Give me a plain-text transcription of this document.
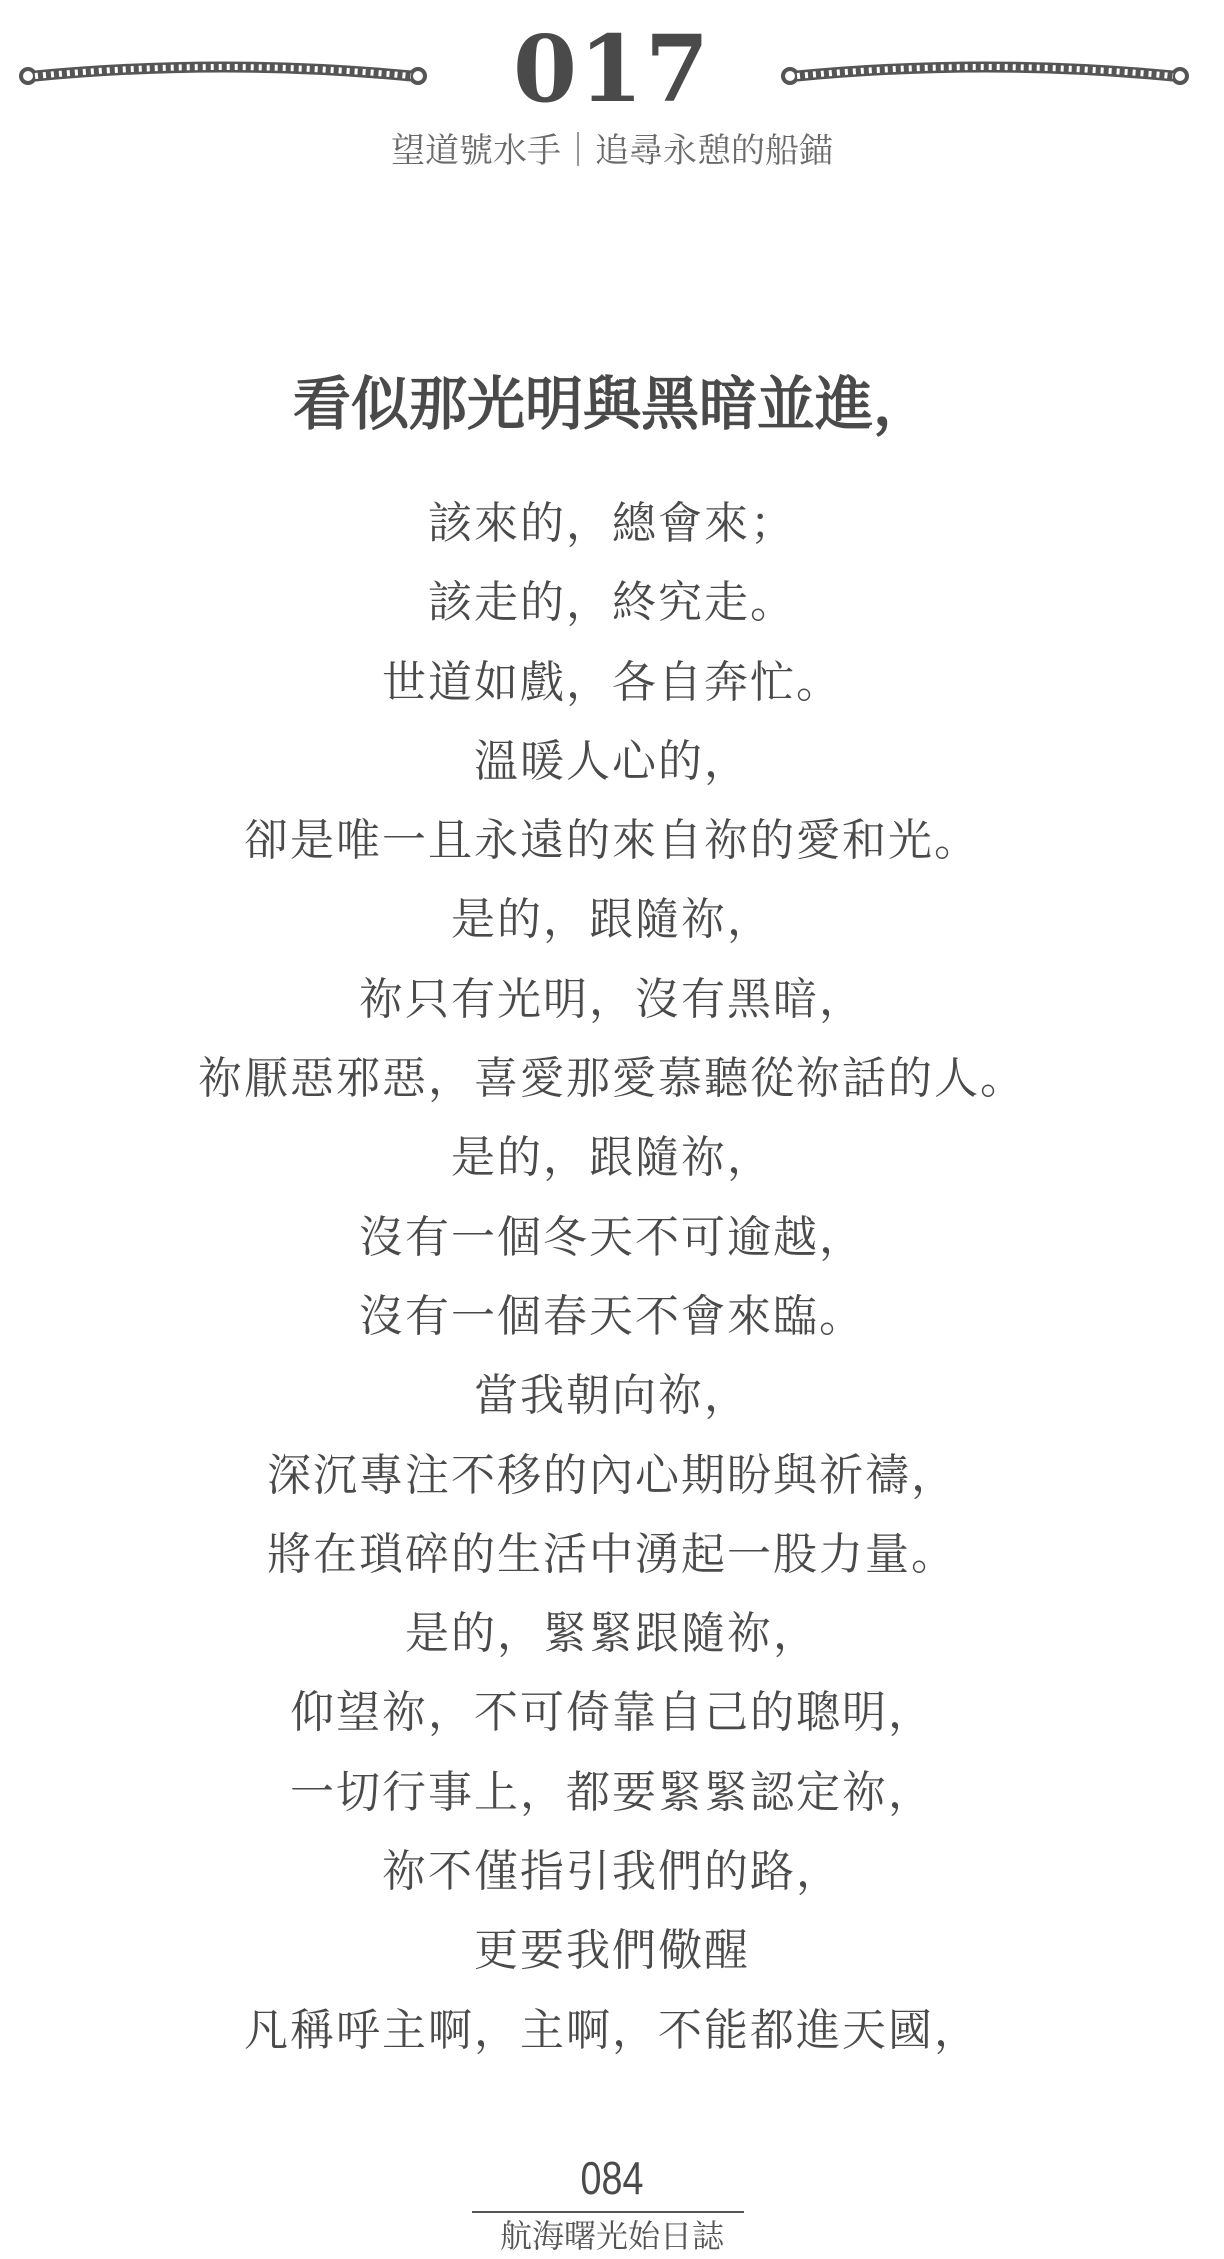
017
望道號水手｜追尋永憩的船錨
看似那光明與黑暗並進，
該來的，總會來；
該走的，終究走。
世道如戲，各自奔忙。
溫暖人心的，
卻是唯一且永遠的來自祢的愛和光。
是的，跟隨祢，
祢只有光明，沒有黑暗，
祢厭惡邪惡，喜愛那愛慕聽從祢話的人。
是的，跟隨祢，
沒有一個冬天不可逾越，
沒有一個春天不會來臨。
當我朝向祢，
深沉專注不移的內心期盼與祈禱，
將在瑣碎的生活中湧起一股力量。
是的，緊緊跟隨祢，
仰望祢，不可倚靠自己的聰明，
一切行事上，都要緊緊認定祢，
祢不僅指引我們的路，
更要我們儆醒
凡稱呼主啊，主啊，不能都進天國，
084
航海曙光始日誌
